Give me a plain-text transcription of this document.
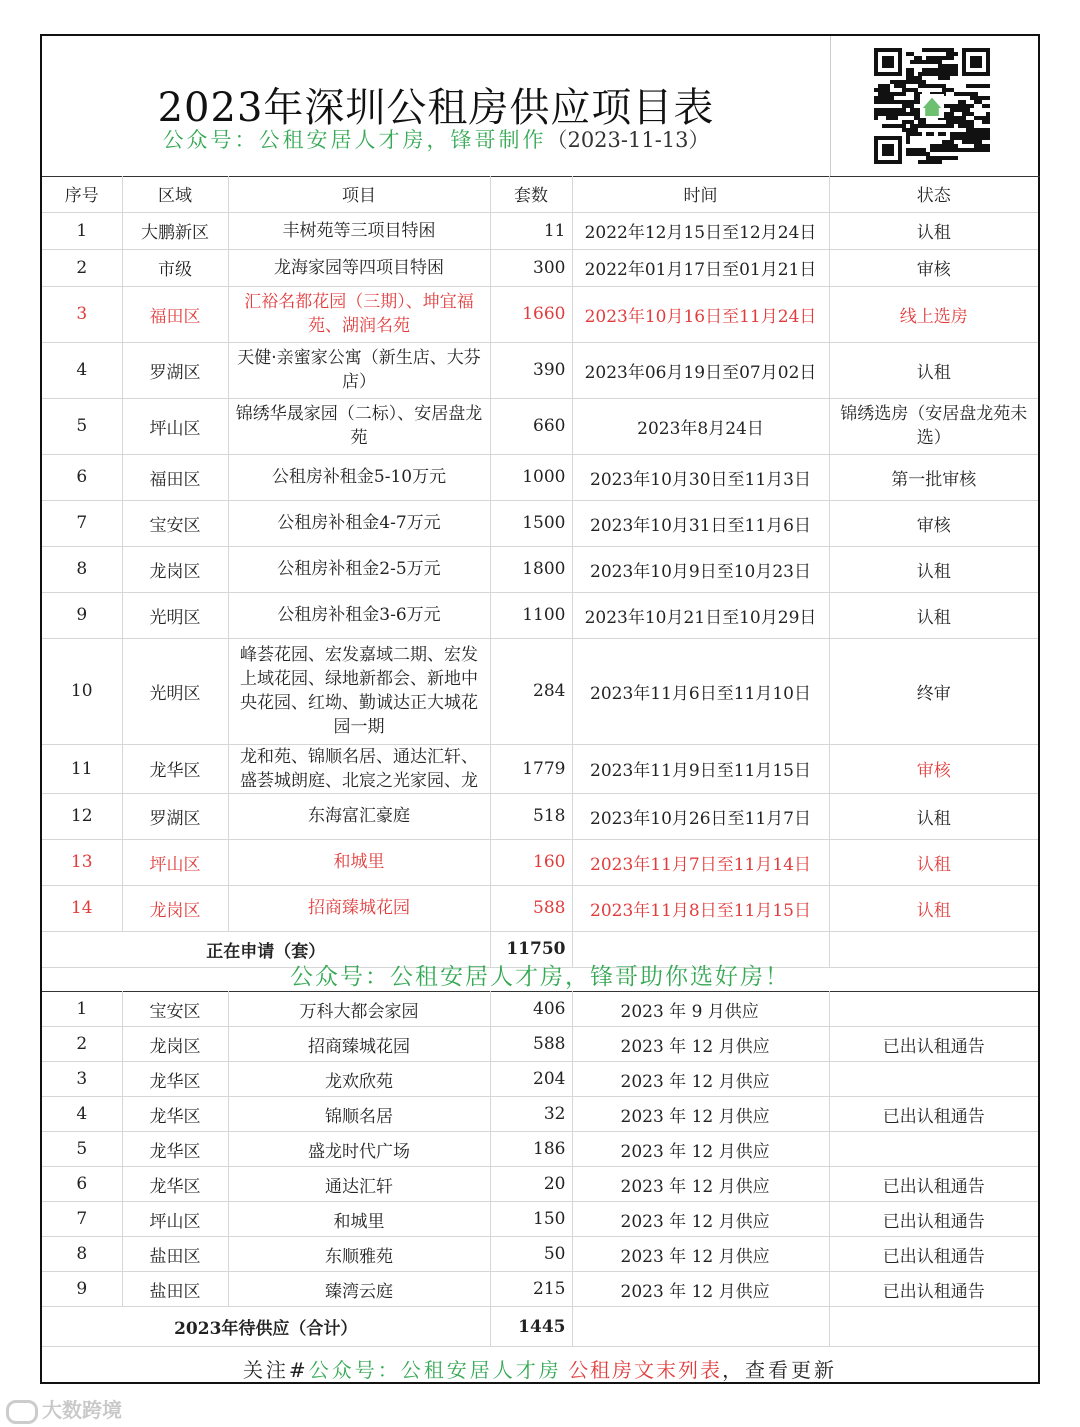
2023年深圳公租房供应项目表
公众号：公租安居人才房，锋哥制作（2023-11-13）
序号	区域	项目	套数	时间	状态
1	大鹏新区	丰树苑等三项目特困	11	2022年12月15日至12月24日	认租
2	市级	龙海家园等四项目特困	300	2022年01月17日至01月21日	审核
3	福田区	汇裕名都花园（三期）、坤宜福苑、湖润名苑	1660	2023年10月16日至11月24日	线上选房
4	罗湖区	天健·亲蜜家公寓（新生店、大芬店）	390	2023年06月19日至07月02日	认租
5	坪山区	锦绣华晟家园（二标）、安居盘龙苑	660	2023年8月24日	锦绣选房（安居盘龙苑未选）
6	福田区	公租房补租金5-10万元	1000	2023年10月30日至11月3日	第一批审核
7	宝安区	公租房补租金4-7万元	1500	2023年10月31日至11月6日	审核
8	龙岗区	公租房补租金2-5万元	1800	2023年10月9日至10月23日	认租
9	光明区	公租房补租金3-6万元	1100	2023年10月21日至10月29日	认租
10	光明区	峰荟花园、宏发嘉域二期、宏发上域花园、绿地新都会、新地中央花园、红坳、勤诚达正大城花园一期	284	2023年11月6日至11月10日	终审
11	龙华区	龙和苑、锦顺名居、通达汇轩、盛荟城朗庭、北宸之光家园、龙	1779	2023年11月9日至11月15日	审核
12	罗湖区	东海富汇豪庭	518	2023年10月26日至11月7日	认租
13	坪山区	和城里	160	2023年11月7日至11月14日	认租
14	龙岗区	招商臻城花园	588	2023年11月8日至11月15日	认租
正在申请（套）			11750		
公众号：公租安居人才房，锋哥助你选好房！
1	宝安区	万科大都会家园	406	2023 年 9 月供应	
2	龙岗区	招商臻城花园	588	2023 年 12 月供应	已出认租通告
3	龙华区	龙欢欣苑	204	2023 年 12 月供应	
4	龙华区	锦顺名居	32	2023 年 12 月供应	已出认租通告
5	龙华区	盛龙时代广场	186	2023 年 12 月供应	
6	龙华区	通达汇轩	20	2023 年 12 月供应	已出认租通告
7	坪山区	和城里	150	2023 年 12 月供应	已出认租通告
8	盐田区	东顺雅苑	50	2023 年 12 月供应	已出认租通告
9	盐田区	臻湾云庭	215	2023 年 12 月供应	已出认租通告
2023年待供应（合计）			1445		
关注#公众号：公租安居人才房 公租房文末列表，查看更新
大数跨境
